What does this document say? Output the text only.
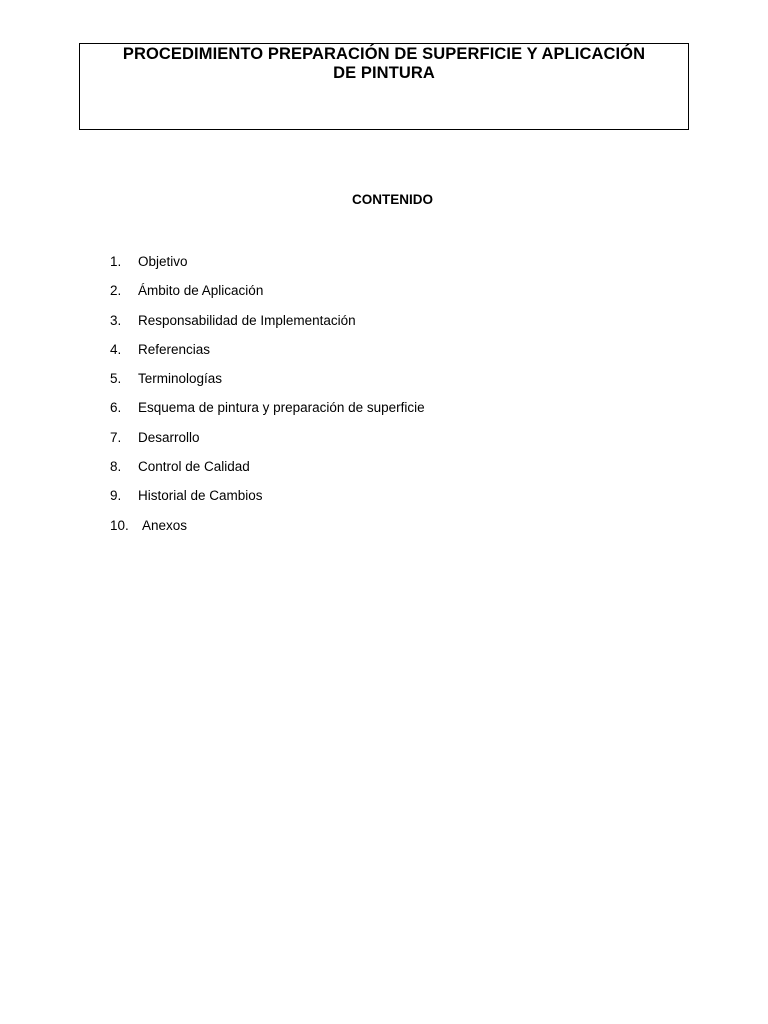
PROCEDIMIENTO PREPARACIÓN DE SUPERFICIE Y APLICACIÓN
DE PINTURA

CONTENIDO

1. Objetivo
2. Ámbito de Aplicación
3. Responsabilidad de Implementación
4. Referencias
5. Terminologías
6. Esquema de pintura y preparación de superficie
7. Desarrollo
8. Control de Calidad
9. Historial de Cambios
10. Anexos
